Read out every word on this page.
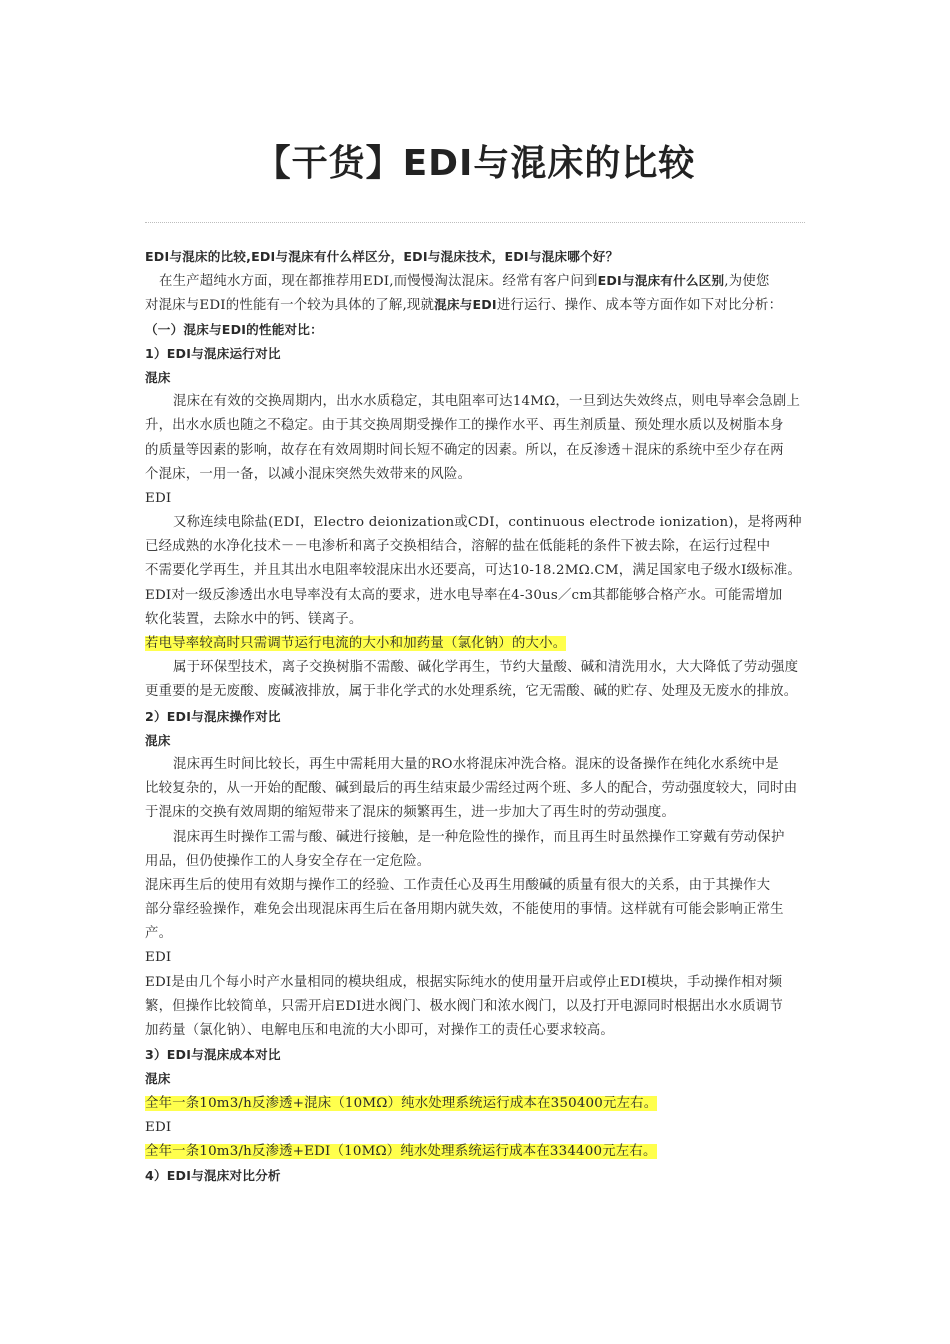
【干货】EDI与混床的比较
EDI与混床的比较,EDI与混床有什么样区分，EDI与混床技术，EDI与混床哪个好？
在生产超纯水方面，现在都推荐用EDI,而慢慢淘汰混床。经常有客户问到EDI与混床有什么区别,为使您
对混床与EDI的性能有一个较为具体的了解,现就混床与EDI进行运行、操作、成本等方面作如下对比分析：
（一）混床与EDI的性能对比：
1）EDI与混床运行对比
混床
混床在有效的交换周期内，出水水质稳定，其电阻率可达14MΩ，一旦到达失效终点，则电导率会急剧上
升，出水水质也随之不稳定。由于其交换周期受操作工的操作水平、再生剂质量、预处理水质以及树脂本身
的质量等因素的影响，故存在有效周期时间长短不确定的因素。所以，在反渗透＋混床的系统中至少存在两
个混床，一用一备，以减小混床突然失效带来的风险。
EDI
又称连续电除盐(EDI，Electro deionization或CDI，continuous electrode ionization)，是将两种
已经成熟的水净化技术－－电渗析和离子交换相结合，溶解的盐在低能耗的条件下被去除，在运行过程中
不需要化学再生，并且其出水电阻率较混床出水还要高，可达10-18.2MΩ.CM，满足国家电子级水Ⅰ级标准。
EDI对一级反渗透出水电导率没有太高的要求，进水电导率在4-30us／cm其都能够合格产水。可能需增加
软化装置，去除水中的钙、镁离子。
若电导率较高时只需调节运行电流的大小和加药量（氯化钠）的大小。
属于环保型技术，离子交换树脂不需酸、碱化学再生，节约大量酸、碱和清洗用水，大大降低了劳动强度
更重要的是无废酸、废碱液排放，属于非化学式的水处理系统，它无需酸、碱的贮存、处理及无废水的排放。
2）EDI与混床操作对比
混床
混床再生时间比较长，再生中需耗用大量的RO水将混床冲洗合格。混床的设备操作在纯化水系统中是
比较复杂的，从一开始的配酸、碱到最后的再生结束最少需经过两个班、多人的配合，劳动强度较大，同时由
于混床的交换有效周期的缩短带来了混床的频繁再生，进一步加大了再生时的劳动强度。
混床再生时操作工需与酸、碱进行接触，是一种危险性的操作，而且再生时虽然操作工穿戴有劳动保护
用品，但仍使操作工的人身安全存在一定危险。
混床再生后的使用有效期与操作工的经验、工作责任心及再生用酸碱的质量有很大的关系，由于其操作大
部分靠经验操作，难免会出现混床再生后在备用期内就失效，不能使用的事情。这样就有可能会影响正常生
产。
EDI
EDI是由几个每小时产水量相同的模块组成，根据实际纯水的使用量开启或停止EDI模块，手动操作相对频
繁，但操作比较简单，只需开启EDI进水阀门、极水阀门和浓水阀门，以及打开电源同时根据出水水质调节
加药量（氯化钠）、电解电压和电流的大小即可，对操作工的责任心要求较高。
3）EDI与混床成本对比
混床
全年一条10m3/h反渗透+混床（10MΩ）纯水处理系统运行成本在350400元左右。
EDI
全年一条10m3/h反渗透+EDI（10MΩ）纯水处理系统运行成本在334400元左右。
4）EDI与混床对比分析
